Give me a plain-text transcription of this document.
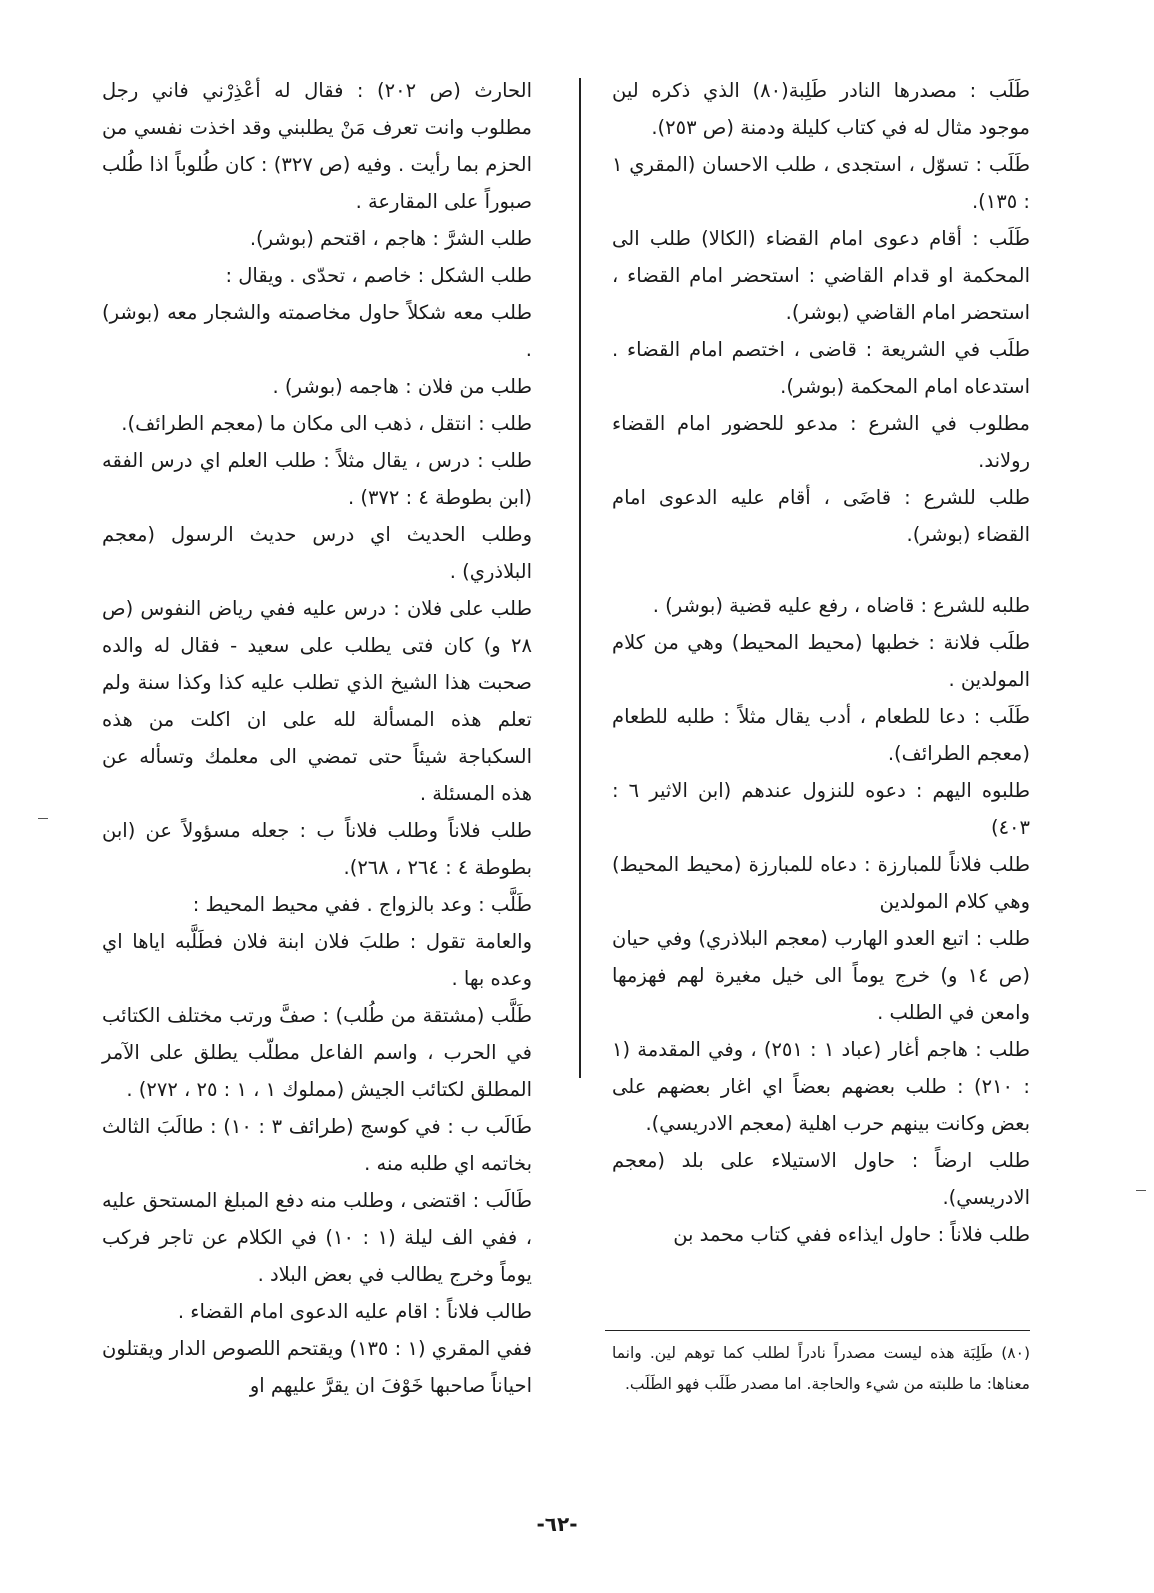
طَلَب : مصدرها النادر طَلِبة(٨٠) الذي ذكره لين موجود مثال له في كتاب كليلة ودمنة (ص ٢٥٣).

طَلَب : تسوّل ، استجدى ، طلب الاحسان (المقري ١ : ١٣٥).

طَلَب : أقام دعوى امام القضاء (الكالا) طلب الى المحكمة او قدام القاضي : استحضر امام القضاء ، استحضر امام القاضي (بوشر).

طلَب في الشريعة : قاضى ، اختصم امام القضاء . استدعاه امام المحكمة (بوشر).

مطلوب في الشرع : مدعو للحضور امام القضاء رولاند.

طلب للشرع : قاضَى ، أقام عليه الدعوى امام القضاء (بوشر).

طلبه للشرع : قاضاه ، رفع عليه قضية (بوشر) .

طلَب فلانة : خطبها (محيط المحيط) وهي من كلام المولدين .

طَلَب : دعا للطعام ، أدب يقال مثلاً : طلبه للطعام (معجم الطرائف).

طلبوه اليهم : دعوه للنزول عندهم (ابن الاثير ٦ : ٤٠٣)

طلب فلاناً للمبارزة : دعاه للمبارزة (محيط المحيط) وهي كلام المولدين

طلب : اتبع العدو الهارب (معجم البلاذري) وفي حيان (ص ١٤ و) خرج يوماً الى خيل مغيرة لهم فهزمها وامعن في الطلب .

طلب : هاجم أغار (عباد ١ : ٢٥١) ، وفي المقدمة (١ : ٢١٠) : طلب بعضهم بعضاً اي اغار بعضهم على بعض وكانت بينهم حرب اهلية (معجم الادريسي).

طلب ارضاً : حاول الاستيلاء على بلد (معجم الادريسي).

طلب فلاناً : حاول ايذاءه ففي كتاب محمد بن

الحارث (ص ٢٠٢) : فقال له أعْذِرْني فاني رجل مطلوب وانت تعرف مَنْ يطلبني وقد اخذت نفسي من الحزم بما رأيت . وفيه (ص ٣٢٧) : كان طُلوباً اذا طُلب صبوراً على المقارعة .

طلب الشرَّ : هاجم ، اقتحم (بوشر).

طلب الشكل : خاصم ، تحدّى . ويقال :

طلب معه شكلاً حاول مخاصمته والشجار معه (بوشر) .

طلب من فلان : هاجمه (بوشر) .

طلب : انتقل ، ذهب الى مكان ما (معجم الطرائف).

طلب : درس ، يقال مثلاً : طلب العلم اي درس الفقه (ابن بطوطة ٤ : ٣٧٢) .

وطلب الحديث اي درس حديث الرسول (معجم البلاذري) .

طلب على فلان : درس عليه ففي رياض النفوس (ص ٢٨ و) كان فتى يطلب على سعيد - فقال له والده صحبت هذا الشيخ الذي تطلب عليه كذا وكذا سنة ولم تعلم هذه المسألة لله على ان اكلت من هذه السكباجة شيئاً حتى تمضي الى معلمك وتسأله عن هذه المسئلة .

طلب فلاناً وطلب فلاناً ب : جعله مسؤولاً عن (ابن بطوطة ٤ : ٢٦٤ ، ٢٦٨).

طَلَّب : وعد بالزواج . ففي محيط المحيط :

والعامة تقول : طلبَ فلان ابنة فلان فطَلَّبه اياها اي وعده بها .

طَلَّب (مشتقة من طُلب) : صفَّ ورتب مختلف الكتائب في الحرب ، واسم الفاعل مطلّب يطلق على الآمر المطلق لكتائب الجيش (مملوك ١ ، ١ : ٢٥ ، ٢٧٢) .

طَالَب ب : في كوسج (طرائف ٣ : ١٠) : طالَبَ الثالث بخاتمه اي طلبه منه .

طَالَب : اقتضى ، وطلب منه دفع المبلغ المستحق عليه ، ففي الف ليلة (١ : ١٠) في الكلام عن تاجر فركب يوماً وخرج يطالب في بعض البلاد .

طالب فلاناً : اقام عليه الدعوى امام القضاء .

ففي المقري (١ : ١٣٥) ويقتحم اللصوص الدار ويقتلون احياناً صاحبها خَوْفَ ان يقرَّ عليهم او

(٨٠) طَلِبَة هذه ليست مصدراً نادراً لطلب كما توهم لين. وانما معناها: ما طلبته من شيء والحاجة. اما مصدر طَلَب فهو الطَلَب.
-٦٢-
